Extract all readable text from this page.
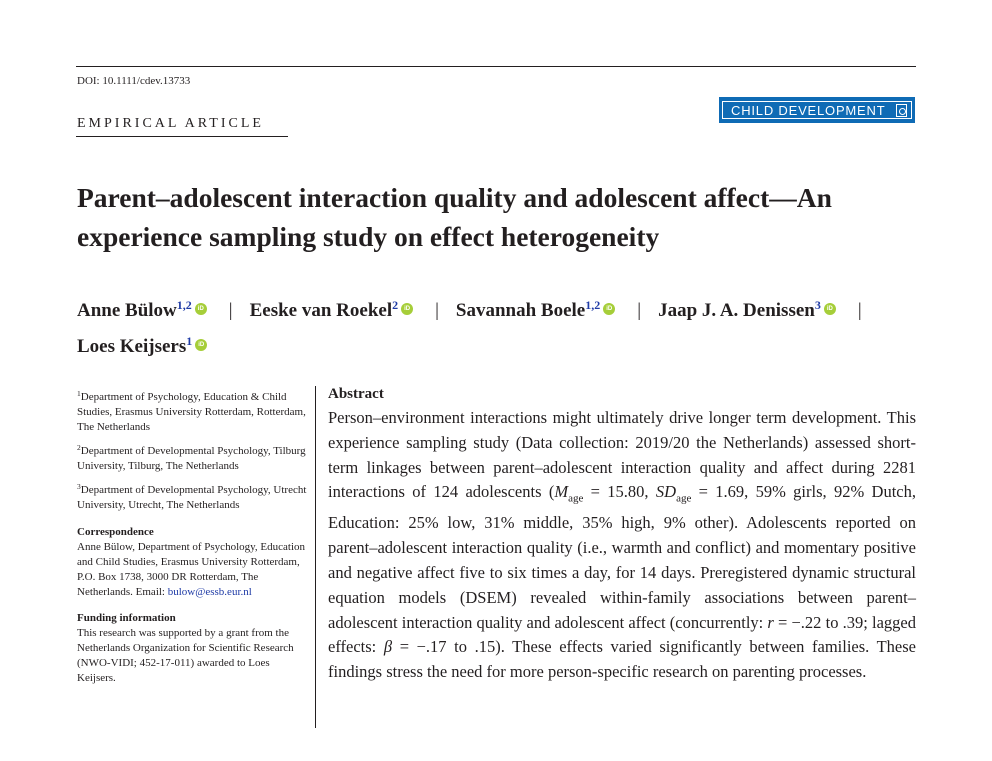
DOI: 10.1111/cdev.13733
EMPIRICAL ARTICLE
CHILD DEVELOPMENT
Parent–adolescent interaction quality and adolescent affect—An experience sampling study on effect heterogeneity
Anne Bülow$^{1,2}$ iD | Eeske van Roekel$^2$ iD | Savannah Boele$^{1,2}$ iD | Jaap J. A. Denissen$^3$ iD |
Loes Keijsers$^1$iD

$^1$Department of Psychology, Education & Child Studies, Erasmus University Rotterdam, Rotterdam, The Netherlands

$^2$Department of Developmental Psychology, Tilburg University, Tilburg, The Netherlands

$^3$Department of Developmental Psychology, Utrecht University, Utrecht, The Netherlands

Correspondence

Anne Bülow, Department of Psychology, Education and Child Studies, Erasmus University Rotterdam, P.O. Box 1738, 3000 DR Rotterdam, The Netherlands. Email: bulow@essb.eur.nl

Funding information

This research was supported by a grant from the Netherlands Organization for Scientific Research (NWO-VIDI; 452-17-011) awarded to Loes Keijsers.

Abstract

Person–environment interactions might ultimately drive longer term development. This experience sampling study (Data collection: 2019/20 the Netherlands) assessed short-term linkages between parent–adolescent interaction quality and affect during 2281 interactions of 124 adolescents ($M_{age} = 15.80$, $SD_{age} = 1.69$, 59% girls, 92% Dutch, Education: 25% low, 31% middle, 35% high, 9% other). Adolescents reported on parent–adolescent interaction quality (i.e., warmth and conflict) and momentary positive and negative affect five to six times a day, for 14 days. Preregistered dynamic structural equation models (DSEM) revealed within-family associations between parent–adolescent interaction quality and adolescent affect (concurrently: r = −.22 to .39; lagged effects: β = −.17 to .15). These effects varied significantly between families. These findings stress the need for more person-specific research on parenting processes.
